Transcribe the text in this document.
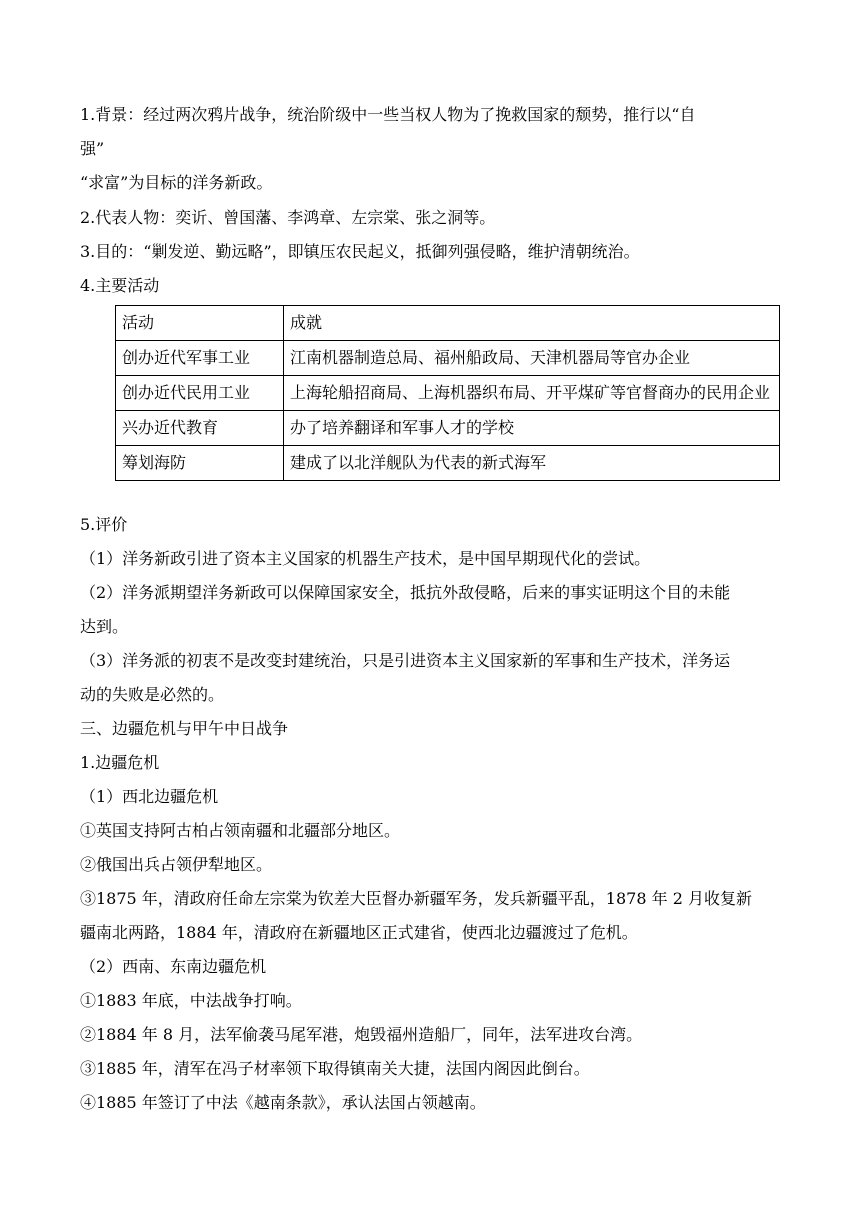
1.背景：经过两次鸦片战争，统治阶级中一些当权人物为了挽救国家的颓势，推行以“自
强”
“求富”为目标的洋务新政。
2.代表人物：奕䜣、曾国藩、李鸿章、左宗棠、张之洞等。
3.目的：“剿发逆、勤远略”，即镇压农民起义，抵御列强侵略，维护清朝统治。
4.主要活动
活动	成就
创办近代军事工业	江南机器制造总局、福州船政局、天津机器局等官办企业
创办近代民用工业	上海轮船招商局、上海机器织布局、开平煤矿等官督商办的民用企业
兴办近代教育	办了培养翻译和军事人才的学校
筹划海防	建成了以北洋舰队为代表的新式海军
5.评价
（1）洋务新政引进了资本主义国家的机器生产技术，是中国早期现代化的尝试。
（2）洋务派期望洋务新政可以保障国家安全，抵抗外敌侵略，后来的事实证明这个目的未能
达到。
（3）洋务派的初衷不是改变封建统治，只是引进资本主义国家新的军事和生产技术，洋务运
动的失败是必然的。
三、边疆危机与甲午中日战争
1.边疆危机
（1）西北边疆危机
①英国支持阿古柏占领南疆和北疆部分地区。
②俄国出兵占领伊犁地区。
③1875 年，清政府任命左宗棠为钦差大臣督办新疆军务，发兵新疆平乱，1878 年 2 月收复新
疆南北两路，1884 年，清政府在新疆地区正式建省，使西北边疆渡过了危机。
（2）西南、东南边疆危机
①1883 年底，中法战争打响。
②1884 年 8 月，法军偷袭马尾军港，炮毁福州造船厂，同年，法军进攻台湾。
③1885 年，清军在冯子材率领下取得镇南关大捷，法国内阁因此倒台。
④1885 年签订了中法《越南条款》，承认法国占领越南。
